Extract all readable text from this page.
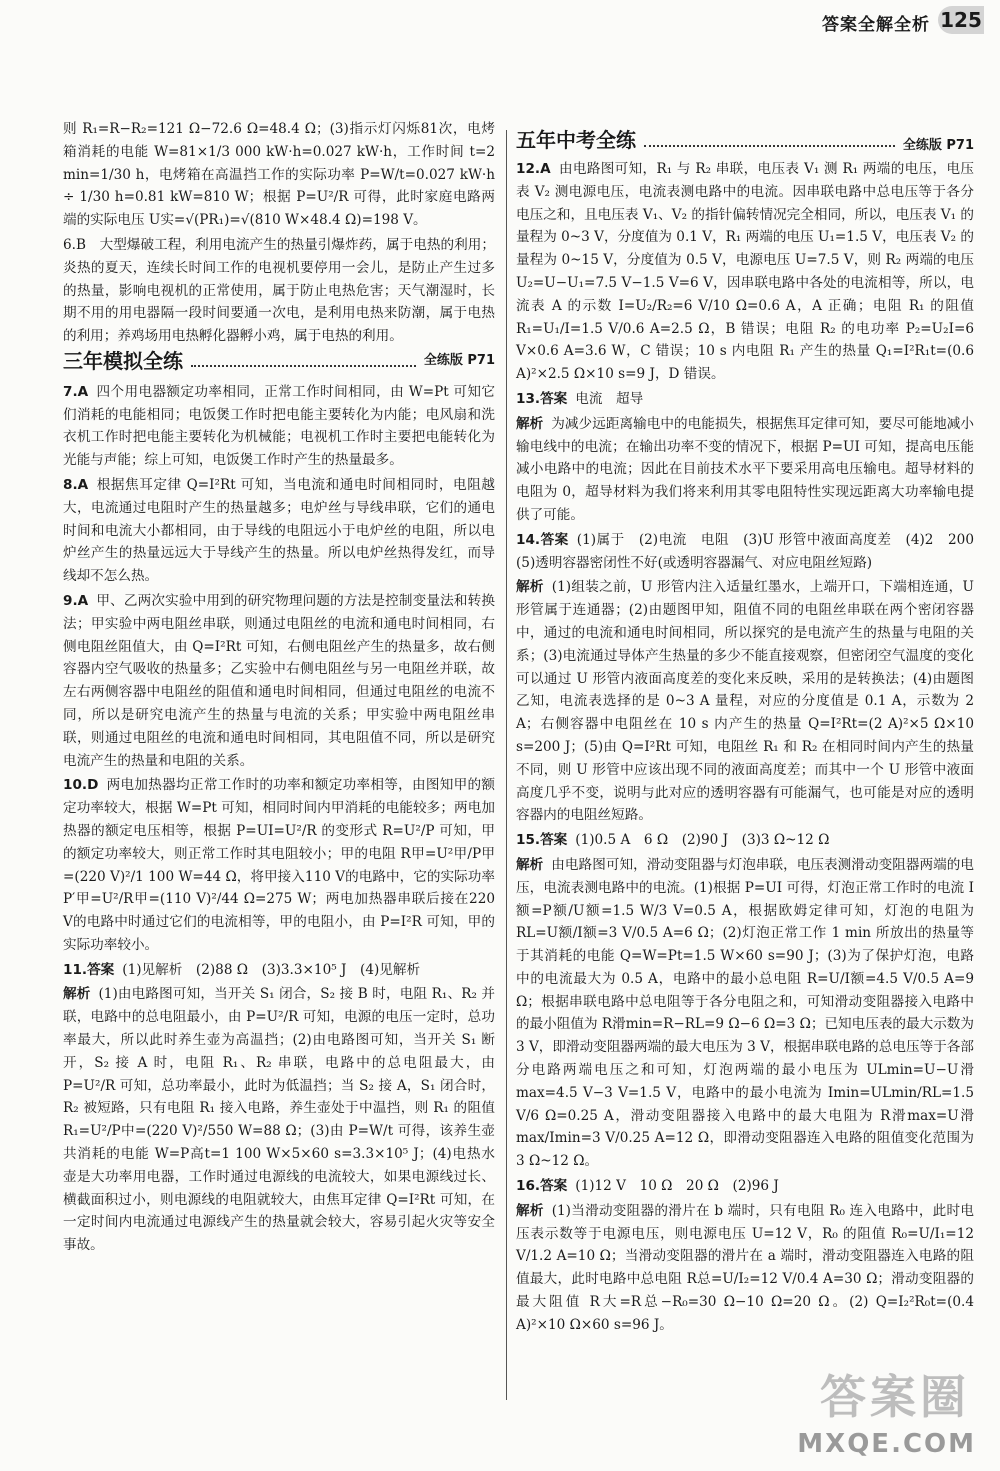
答案全解全析 125

则 R₁=R−R₂=121 Ω−72.6 Ω=48.4 Ω；(3)指示灯闪烁81次，电烤箱消耗的电能 W=81×1/3 000 kW·h=0.027 kW·h，工作时间 t=2 min=1/30 h，电烤箱在高温挡工作的实际功率 P=W/t=0.027 kW·h ÷ 1/30 h=0.81 kW=810 W；根据 P=U²/R 可得，此时家庭电路两端的实际电压 U实=√(PR₁)=√(810 W×48.4 Ω)=198 V。

6.B　大型爆破工程，利用电流产生的热量引爆炸药，属于电热的利用；炎热的夏天，连续长时间工作的电视机要停用一会儿，是防止产生过多的热量，影响电视机的正常使用，属于防止电热危害；天气潮湿时，长期不用的用电器隔一段时间要通一次电，是利用电热来防潮，属于电热的利用；养鸡场用电热孵化器孵小鸡，属于电热的利用。

三年模拟全练	全练版 P71
7.A 四个用电器额定功率相同，正常工作时间相同，由 W=Pt 可知它们消耗的电能相同；电饭煲工作时把电能主要转化为内能；电风扇和洗衣机工作时把电能主要转化为机械能；电视机工作时主要把电能转化为光能与声能；综上可知，电饭煲工作时产生的热量最多。
8.A 根据焦耳定律 Q=I²Rt 可知，当电流和通电时间相同时，电阻越大，电流通过电阻时产生的热量越多；电炉丝与导线串联，它们的通电时间和电流大小都相同，由于导线的电阻远小于电炉丝的电阻，所以电炉丝产生的热量远远大于导线产生的热量。所以电炉丝热得发红，而导线却不怎么热。
9.A 甲、乙两次实验中用到的研究物理问题的方法是控制变量法和转换法；甲实验中两电阻丝串联，则通过电阻丝的电流和通电时间相同，右侧电阻丝阻值大，由 Q=I²Rt 可知，右侧电阻丝产生的热量多，故右侧容器内空气吸收的热量多；乙实验中右侧电阻丝与另一电阻丝并联，故左右两侧容器中电阻丝的阻值和通电时间相同，但通过电阻丝的电流不同，所以是研究电流产生的热量与电流的关系；甲实验中两电阻丝串联，则通过电阻丝的电流和通电时间相同，其电阻值不同，所以是研究电流产生的热量和电阻的关系。
10.D 两电加热器均正常工作时的功率和额定功率相等，由图知甲的额定功率较大，根据 W=Pt 可知，相同时间内甲消耗的电能较多；两电加热器的额定电压相等，根据 P=UI=U²/R 的变形式 R=U²/P 可知，甲的额定功率较大，则正常工作时其电阻较小；甲的电阻 R甲=U²甲/P甲=(220 V)²/1 100 W=44 Ω，将甲接入110 V的电路中，它的实际功率 P′甲=U²/R甲=(110 V)²/44 Ω=275 W；两电加热器串联后接在220 V的电路中时通过它们的电流相等，甲的电阻小，由 P=I²R 可知，甲的实际功率较小。
11.答案 (1)见解析　(2)88 Ω　(3)3.3×10⁵ J　(4)见解析
解析 (1)由电路图可知，当开关 S₁ 闭合，S₂ 接 B 时，电阻 R₁、R₂ 并联，电路中的总电阻最小，由 P=U²/R 可知，电源的电压一定时，总功率最大，所以此时养生壶为高温挡；(2)由电路图可知，当开关 S₁ 断开，S₂ 接 A 时，电阻 R₁、R₂ 串联，电路中的总电阻最大，由 P=U²/R 可知，总功率最小，此时为低温挡；当 S₂ 接 A，S₁ 闭合时，R₂ 被短路，只有电阻 R₁ 接入电路，养生壶处于中温挡，则 R₁ 的阻值 R₁=U²/P中=(220 V)²/550 W=88 Ω；(3)由 P=W/t 可得，该养生壶共消耗的电能 W=P高t=1 100 W×5×60 s=3.3×10⁵ J；(4)电热水壶是大功率用电器，工作时通过电源线的电流较大，如果电源线过长、横截面积过小，则电源线的电阻就较大，由焦耳定律 Q=I²Rt 可知，在一定时间内电流通过电源线产生的热量就会较大，容易引起火灾等安全事故。
五年中考全练	全练版 P71
12.A 由电路图可知，R₁ 与 R₂ 串联，电压表 V₁ 测 R₁ 两端的电压，电压表 V₂ 测电源电压，电流表测电路中的电流。因串联电路中总电压等于各分电压之和，且电压表 V₁、V₂ 的指针偏转情况完全相同，所以，电压表 V₁ 的量程为 0~3 V，分度值为 0.1 V，R₁ 两端的电压 U₁=1.5 V，电压表 V₂ 的量程为 0~15 V，分度值为 0.5 V，电源电压 U=7.5 V，则 R₂ 两端的电压 U₂=U−U₁=7.5 V−1.5 V=6 V，因串联电路中各处的电流相等，所以，电流表 A 的示数 I=U₂/R₂=6 V/10 Ω=0.6 A，A 正确；电阻 R₁ 的阻值 R₁=U₁/I=1.5 V/0.6 A=2.5 Ω，B 错误；电阻 R₂ 的电功率 P₂=U₂I=6 V×0.6 A=3.6 W，C 错误；10 s 内电阻 R₁ 产生的热量 Q₁=I²R₁t=(0.6 A)²×2.5 Ω×10 s=9 J，D 错误。
13.答案 电流　超导
解析 为减少远距离输电中的电能损失，根据焦耳定律可知，要尽可能地减小输电线中的电流；在输出功率不变的情况下，根据 P=UI 可知，提高电压能减小电路中的电流；因此在目前技术水平下要采用高电压输电。超导材料的电阻为 0，超导材料为我们将来利用其零电阻特性实现远距离大功率输电提供了可能。
14.答案 (1)属于　(2)电流　电阻　(3)U 形管中液面高度差　(4)2　200　(5)透明容器密闭性不好(或透明容器漏气、对应电阻丝短路)
解析 (1)组装之前，U 形管内注入适量红墨水，上端开口，下端相连通，U 形管属于连通器；(2)由题图甲知，阻值不同的电阻丝串联在两个密闭容器中，通过的电流和通电时间相同，所以探究的是电流产生的热量与电阻的关系；(3)电流通过导体产生热量的多少不能直接观察，但密闭空气温度的变化可以通过 U 形管内液面高度差的变化来反映，采用的是转换法；(4)由题图乙知，电流表选择的是 0~3 A 量程，对应的分度值是 0.1 A，示数为 2 A；右侧容器中电阻丝在 10 s 内产生的热量 Q=I²Rt=(2 A)²×5 Ω×10 s=200 J；(5)由 Q=I²Rt 可知，电阻丝 R₁ 和 R₂ 在相同时间内产生的热量不同，则 U 形管中应该出现不同的液面高度差；而其中一个 U 形管中液面高度几乎不变，说明与此对应的透明容器有可能漏气，也可能是对应的透明容器内的电阻丝短路。
15.答案 (1)0.5 A　6 Ω　(2)90 J　(3)3 Ω~12 Ω
解析 由电路图可知，滑动变阻器与灯泡串联，电压表测滑动变阻器两端的电压，电流表测电路中的电流。(1)根据 P=UI 可得，灯泡正常工作时的电流 I额=P额/U额=1.5 W/3 V=0.5 A，根据欧姆定律可知，灯泡的电阻为 RL=U额/I额=3 V/0.5 A=6 Ω；(2)灯泡正常工作 1 min 所放出的热量等于其消耗的电能 Q=W=Pt=1.5 W×60 s=90 J；(3)为了保护灯泡，电路中的电流最大为 0.5 A，电路中的最小总电阻 R=U/I额=4.5 V/0.5 A=9 Ω；根据串联电路中总电阻等于各分电阻之和，可知滑动变阻器接入电路中的最小阻值为 R滑min=R−RL=9 Ω−6 Ω=3 Ω；已知电压表的最大示数为 3 V，即滑动变阻器两端的最大电压为 3 V，根据串联电路的总电压等于各部分电路两端电压之和可知，灯泡两端的最小电压为 ULmin=U−U滑max=4.5 V−3 V=1.5 V，电路中的最小电流为 Imin=ULmin/RL=1.5 V/6 Ω=0.25 A，滑动变阻器接入电路中的最大电阻为 R滑max=U滑max/Imin=3 V/0.25 A=12 Ω，即滑动变阻器连入电路的阻值变化范围为 3 Ω~12 Ω。
16.答案 (1)12 V　10 Ω　20 Ω　(2)96 J
解析 (1)当滑动变阻器的滑片在 b 端时，只有电阻 R₀ 连入电路中，此时电压表示数等于电源电压，则电源电压 U=12 V，R₀ 的阻值 R₀=U/I₁=12 V/1.2 A=10 Ω；当滑动变阻器的滑片在 a 端时，滑动变阻器连入电路的阻值最大，此时电路中总电阻 R总=U/I₂=12 V/0.4 A=30 Ω；滑动变阻器的最大阻值 R大=R总−R₀=30 Ω−10 Ω=20 Ω。(2) Q=I₂²R₀t=(0.4 A)²×10 Ω×60 s=96 J。
答案圈
MXQE.COM
